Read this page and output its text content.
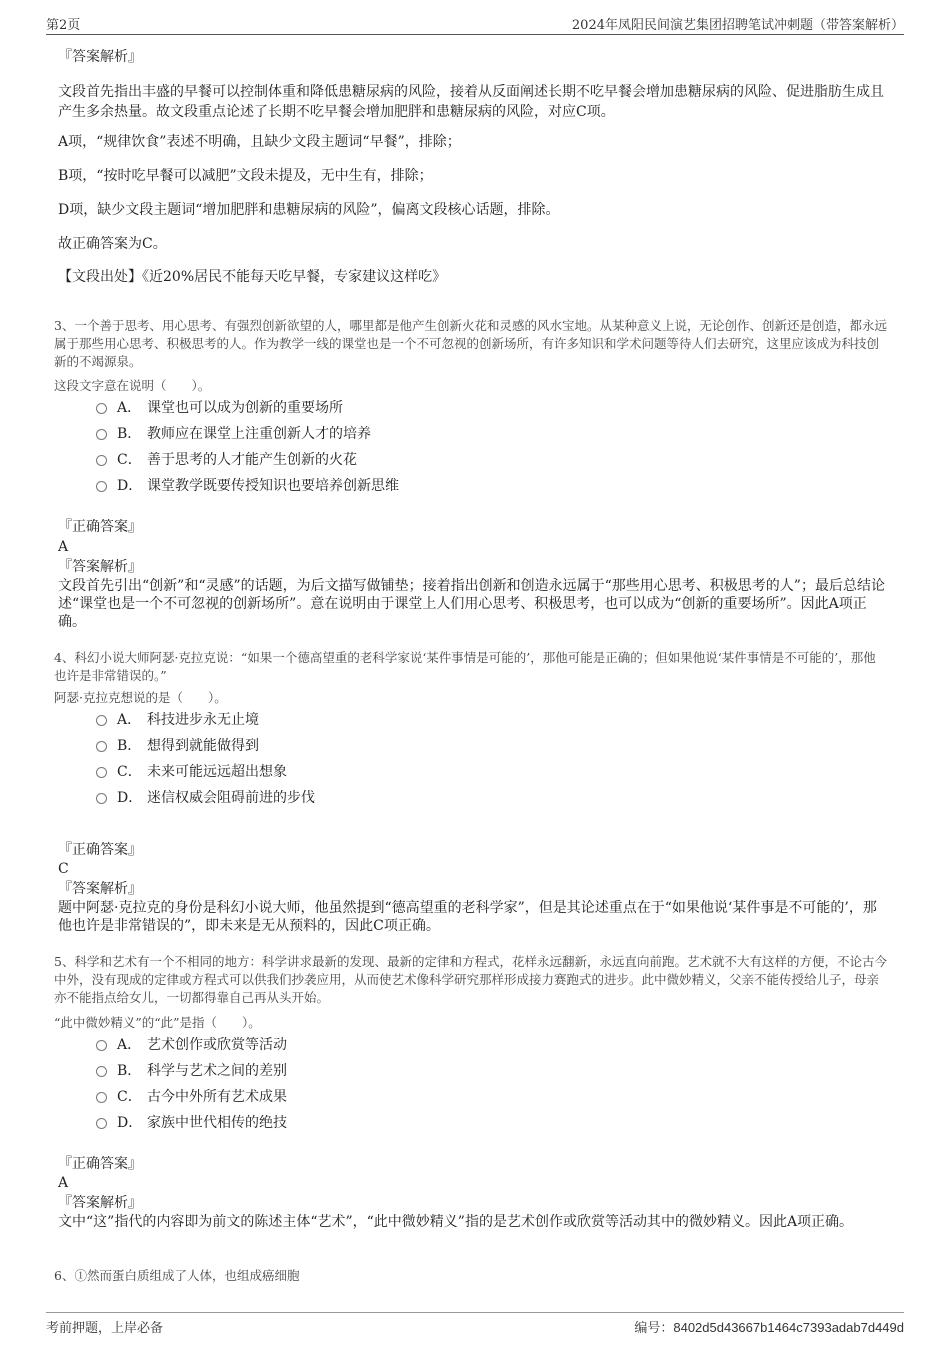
第2页	2024年凤阳民间演艺集团招聘笔试冲刺题（带答案解析）
『答案解析』
文段首先指出丰盛的早餐可以控制体重和降低患糖尿病的风险，接着从反面阐述长期不吃早餐会增加患糖尿病的风险、促进脂肪生成且产生多余热量。故文段重点论述了长期不吃早餐会增加肥胖和患糖尿病的风险，对应C项。
A项，“规律饮食”表述不明确，且缺少文段主题词“早餐”，排除；
B项，“按时吃早餐可以减肥”文段未提及，无中生有，排除；
D项，缺少文段主题词“增加肥胖和患糖尿病的风险”，偏离文段核心话题，排除。
故正确答案为C。
【文段出处】《近20%居民不能每天吃早餐，专家建议这样吃》
3、一个善于思考、用心思考、有强烈创新欲望的人，哪里都是他产生创新火花和灵感的风水宝地。从某种意义上说，无论创作、创新还是创造，都永远属于那些用心思考、积极思考的人。作为教学一线的课堂也是一个不可忽视的创新场所，有许多知识和学术问题等待人们去研究，这里应该成为科技创新的不竭源泉。
这段文字意在说明（　　）。
A． 课堂也可以成为创新的重要场所
B． 教师应在课堂上注重创新人才的培养
C． 善于思考的人才能产生创新的火花
D． 课堂教学既要传授知识也要培养创新思维
『正确答案』
A
『答案解析』
文段首先引出“创新”和“灵感”的话题，为后文描写做铺垫；接着指出创新和创造永远属于“那些用心思考、积极思考的人”；最后总结论述“课堂也是一个不可忽视的创新场所”。意在说明由于课堂上人们用心思考、积极思考，也可以成为“创新的重要场所”。因此A项正确。
4、科幻小说大师阿瑟·克拉克说：“如果一个德高望重的老科学家说‘某件事情是可能的’，那他可能是正确的；但如果他说‘某件事情是不可能的’，那他也许是非常错误的。”
阿瑟·克拉克想说的是（　　）。
A． 科技进步永无止境
B． 想得到就能做得到
C． 未来可能远远超出想象
D． 迷信权威会阻碍前进的步伐
『正确答案』
C
『答案解析』
题中阿瑟·克拉克的身份是科幻小说大师，他虽然提到“德高望重的老科学家”，但是其论述重点在于“如果他说‘某件事是不可能的’，那他也许是非常错误的”，即未来是无从预料的，因此C项正确。
5、科学和艺术有一个不相同的地方：科学讲求最新的发现、最新的定律和方程式，花样永远翻新，永远直向前跑。艺术就不大有这样的方便，不论古今中外，没有现成的定律或方程式可以供我们抄袭应用，从而使艺术像科学研究那样形成接力赛跑式的进步。此中微妙精义，父亲不能传授给儿子，母亲亦不能指点给女儿，一切都得靠自己再从头开始。
“此中微妙精义”的“此”是指（　　）。
A． 艺术创作或欣赏等活动
B． 科学与艺术之间的差别
C． 古今中外所有艺术成果
D． 家族中世代相传的绝技
『正确答案』
A
『答案解析』
文中“这”指代的内容即为前文的陈述主体“艺术”，“此中微妙精义”指的是艺术创作或欣赏等活动其中的微妙精义。因此A项正确。
6、①然而蛋白质组成了人体，也组成癌细胞
考前押题，上岸必备	编号：8402d5d43667b1464c7393adab7d449d
